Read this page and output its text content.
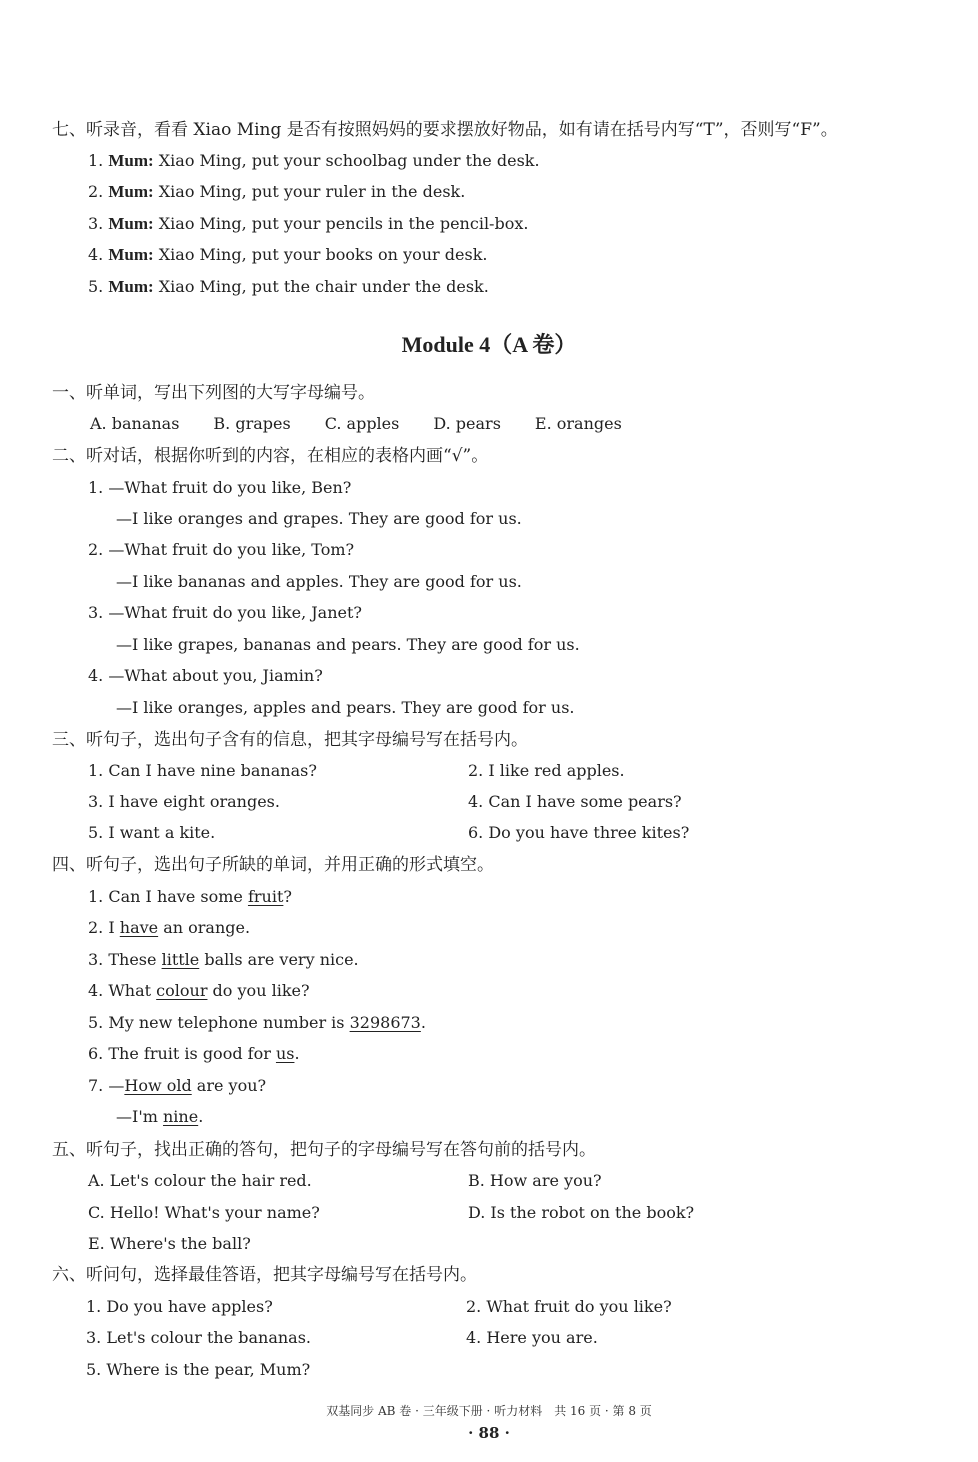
七、听录音，看看 Xiao Ming 是否有按照妈妈的要求摆放好物品，如有请在括号内写“T”，否则写“F”。
1. Mum: Xiao Ming, put your schoolbag under the desk.
2. Mum: Xiao Ming, put your ruler in the desk.
3. Mum: Xiao Ming, put your pencils in the pencil-box.
4. Mum: Xiao Ming, put your books on your desk.
5. Mum: Xiao Ming, put the chair under the desk.
Module 4（A 卷）
一、听单词，写出下列图的大写字母编号。
A. bananas B. grapes C. apples D. pears E. oranges
二、听对话，根据你听到的内容，在相应的表格内画“√”。
1. —What fruit do you like, Ben?
—I like oranges and grapes. They are good for us.
2. —What fruit do you like, Tom?
—I like bananas and apples. They are good for us.
3. —What fruit do you like, Janet?
—I like grapes, bananas and pears. They are good for us.
4. —What about you, Jiamin?
—I like oranges, apples and pears. They are good for us.
三、听句子，选出句子含有的信息，把其字母编号写在括号内。
1. Can I have nine bananas?	2. I like red apples.
3. I have eight oranges.	4. Can I have some pears?
5. I want a kite.	6. Do you have three kites?
四、听句子，选出句子所缺的单词，并用正确的形式填空。
1. Can I have some fruit?
2. I have an orange.
3. These little balls are very nice.
4. What colour do you like?
5. My new telephone number is 3298673.
6. The fruit is good for us.
7. —How old are you?
—I'm nine.
五、听句子，找出正确的答句，把句子的字母编号写在答句前的括号内。
A. Let's colour the hair red.	B. How are you?
C. Hello! What's your name?	D. Is the robot on the book?
E. Where's the ball?
六、听问句，选择最佳答语，把其字母编号写在括号内。
1. Do you have apples?	2. What fruit do you like?
3. Let's colour the bananas.	4. Here you are.
5. Where is the pear, Mum?
双基同步 AB 卷 · 三年级下册 · 听力材料　共 16 页 · 第 8 页
· 88 ·
